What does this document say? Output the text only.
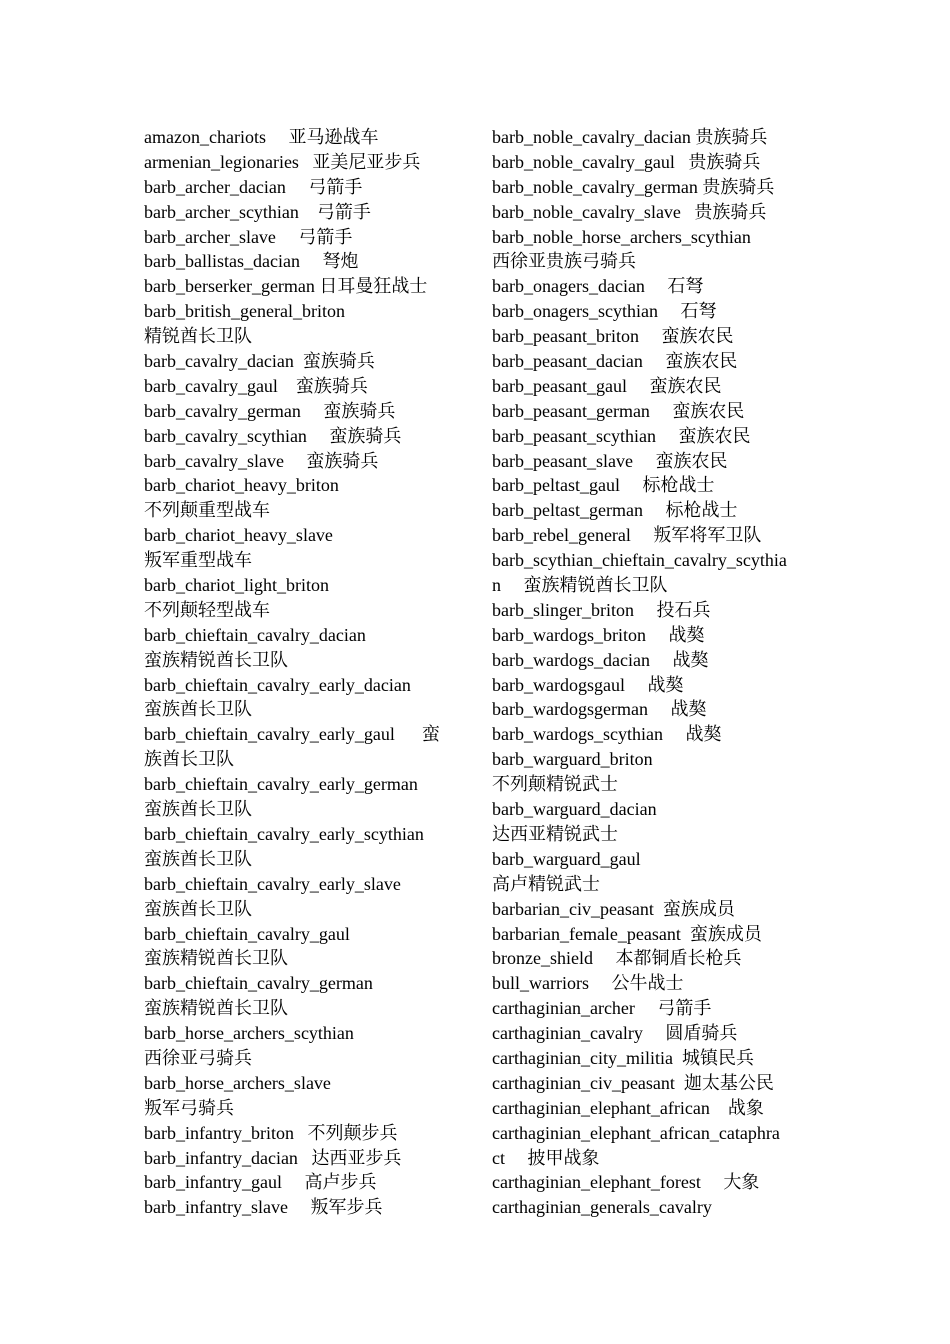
amazon_chariots     亚马逊战车
armenian_legionaries   亚美尼亚步兵
barb_archer_dacian     弓箭手
barb_archer_scythian    弓箭手
barb_archer_slave     弓箭手
barb_ballistas_dacian     弩炮
barb_berserker_german 日耳曼狂战士
barb_british_general_briton
精锐酋长卫队
barb_cavalry_dacian  蛮族骑兵
barb_cavalry_gaul    蛮族骑兵
barb_cavalry_german     蛮族骑兵
barb_cavalry_scythian     蛮族骑兵
barb_cavalry_slave     蛮族骑兵
barb_chariot_heavy_briton
不列颠重型战车
barb_chariot_heavy_slave
叛军重型战车
barb_chariot_light_briton
不列颠轻型战车
barb_chieftain_cavalry_dacian
蛮族精锐酋长卫队
barb_chieftain_cavalry_early_dacian
蛮族酋长卫队
barb_chieftain_cavalry_early_gaul      蛮
族酋长卫队
barb_chieftain_cavalry_early_german
蛮族酋长卫队
barb_chieftain_cavalry_early_scythian
蛮族酋长卫队
barb_chieftain_cavalry_early_slave
蛮族酋长卫队
barb_chieftain_cavalry_gaul
蛮族精锐酋长卫队
barb_chieftain_cavalry_german
蛮族精锐酋长卫队
barb_horse_archers_scythian
西徐亚弓骑兵
barb_horse_archers_slave
叛军弓骑兵
barb_infantry_briton   不列颠步兵
barb_infantry_dacian   达西亚步兵
barb_infantry_gaul     高卢步兵
barb_infantry_slave     叛军步兵
barb_noble_cavalry_dacian 贵族骑兵
barb_noble_cavalry_gaul   贵族骑兵
barb_noble_cavalry_german 贵族骑兵
barb_noble_cavalry_slave   贵族骑兵
barb_noble_horse_archers_scythian
西徐亚贵族弓骑兵
barb_onagers_dacian     石弩
barb_onagers_scythian     石弩
barb_peasant_briton     蛮族农民
barb_peasant_dacian     蛮族农民
barb_peasant_gaul     蛮族农民
barb_peasant_german     蛮族农民
barb_peasant_scythian     蛮族农民
barb_peasant_slave     蛮族农民
barb_peltast_gaul     标枪战士
barb_peltast_german     标枪战士
barb_rebel_general     叛军将军卫队
barb_scythian_chieftain_cavalry_scythia
n     蛮族精锐酋长卫队
barb_slinger_briton     投石兵
barb_wardogs_briton     战獒
barb_wardogs_dacian     战獒
barb_wardogsgaul     战獒
barb_wardogsgerman     战獒
barb_wardogs_scythian     战獒
barb_warguard_briton
不列颠精锐武士
barb_warguard_dacian
达西亚精锐武士
barb_warguard_gaul
高卢精锐武士
barbarian_civ_peasant  蛮族成员
barbarian_female_peasant  蛮族成员
bronze_shield     本都铜盾长枪兵
bull_warriors     公牛战士
carthaginian_archer     弓箭手
carthaginian_cavalry     圆盾骑兵
carthaginian_city_militia  城镇民兵
carthaginian_civ_peasant  迦太基公民
carthaginian_elephant_african    战象
carthaginian_elephant_african_cataphra
ct     披甲战象
carthaginian_elephant_forest     大象
carthaginian_generals_cavalry
